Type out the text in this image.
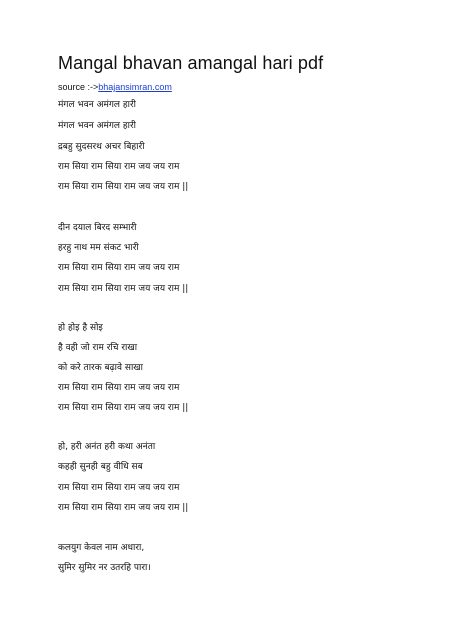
Mangal bhavan amangal hari pdf
source :->bhajansimran.com
मंगल भवन अमंगल हारी
मंगल भवन अमंगल हारी
द्रबहु सुदसरथ अचर बिहारी
राम सिया राम सिया राम जय जय राम
राम सिया राम सिया राम जय जय राम ||
दीन दयाल बिरद सम्भारी
हरहु नाथ मम संकट भारी
राम सिया राम सिया राम जय जय राम
राम सिया राम सिया राम जय जय राम ||
हो होइ है सोइ
है वही जो राम रचि राखा
को करे तारक बढ़ावे साखा
राम सिया राम सिया राम जय जय राम
राम सिया राम सिया राम जय जय राम ||
हो, हरी अनंत हरी कथा अनंता
कहही सुनही बहु वीधि सब
राम सिया राम सिया राम जय जय राम
राम सिया राम सिया राम जय जय राम ||
कलयुग केवल नाम अधारा,
सुमिर सुमिर नर उतरहि पारा।
